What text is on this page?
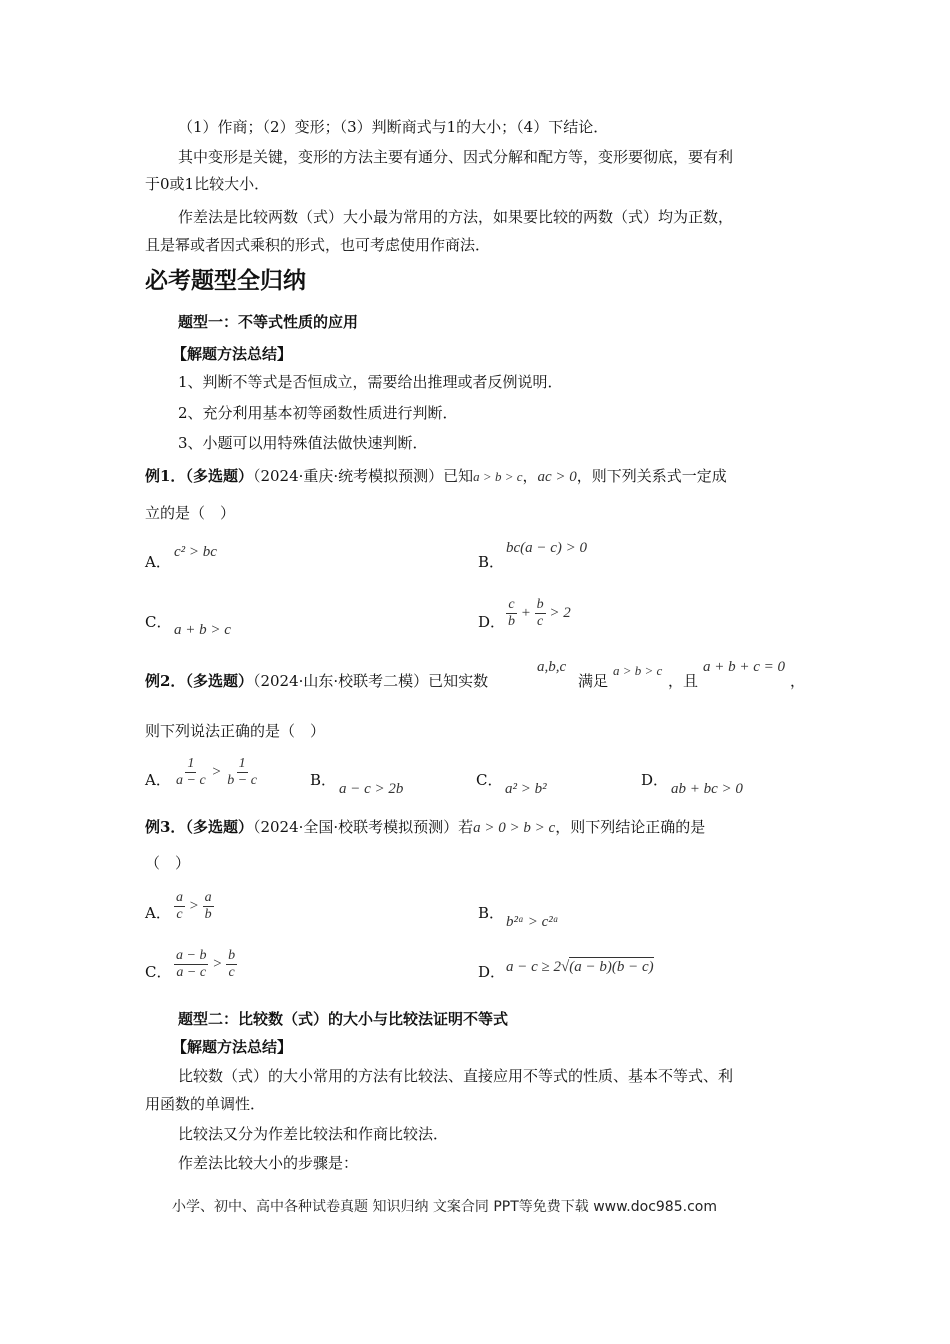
（1）作商；（2）变形；（3）判断商式与1的大小；（4）下结论．
其中变形是关键，变形的方法主要有通分、因式分解和配方等，变形要彻底，要有利
于0或1比较大小．
作差法是比较两数（式）大小最为常用的方法，如果要比较的两数（式）均为正数，
且是幂或者因式乘积的形式，也可考虑使用作商法．
必考题型全归纳
题型一：不等式性质的应用
【解题方法总结】
1、判断不等式是否恒成立，需要给出推理或者反例说明．
2、充分利用基本初等函数性质进行判断．
3、小题可以用特殊值法做快速判断．
例1．（多选题）（2024·重庆·统考模拟预测）已知a > b > c，ac > 0，则下列关系式一定成
立的是（　）
A．
c² > bc
B．
bc(a − c) > 0
C． a + b > c	D． $\frac{c}{b} + \frac{b}{c} > 2$
例2．（多选题）（2024·山东·校联考二模）已知实数
a,b,c
满足
a > b > c
，且
a + b + c = 0
，
则下列说法正确的是（　）
A． $\frac{1}{a - c} > \frac{1}{b - c}$	B． a − c > 2b	C． a² > b²	D． ab + bc > 0
例3．（多选题）（2024·全国·校联考模拟预测）若a > 0 > b > c，则下列结论正确的是
（　）
A． $\frac{a}{c} > \frac{a}{b}$	B． b²ᵃ > c²ᵃ
C． $\frac{a - b}{a - c} > \frac{b}{c}$	D． a − c ≥ 2√(a − b)(b − c)
题型二：比较数（式）的大小与比较法证明不等式
【解题方法总结】
比较数（式）的大小常用的方法有比较法、直接应用不等式的性质、基本不等式、利
用函数的单调性．
比较法又分为作差比较法和作商比较法．
作差法比较大小的步骤是：
小学、初中、高中各种试卷真题 知识归纳 文案合同 PPT等免费下载 www.doc985.com
